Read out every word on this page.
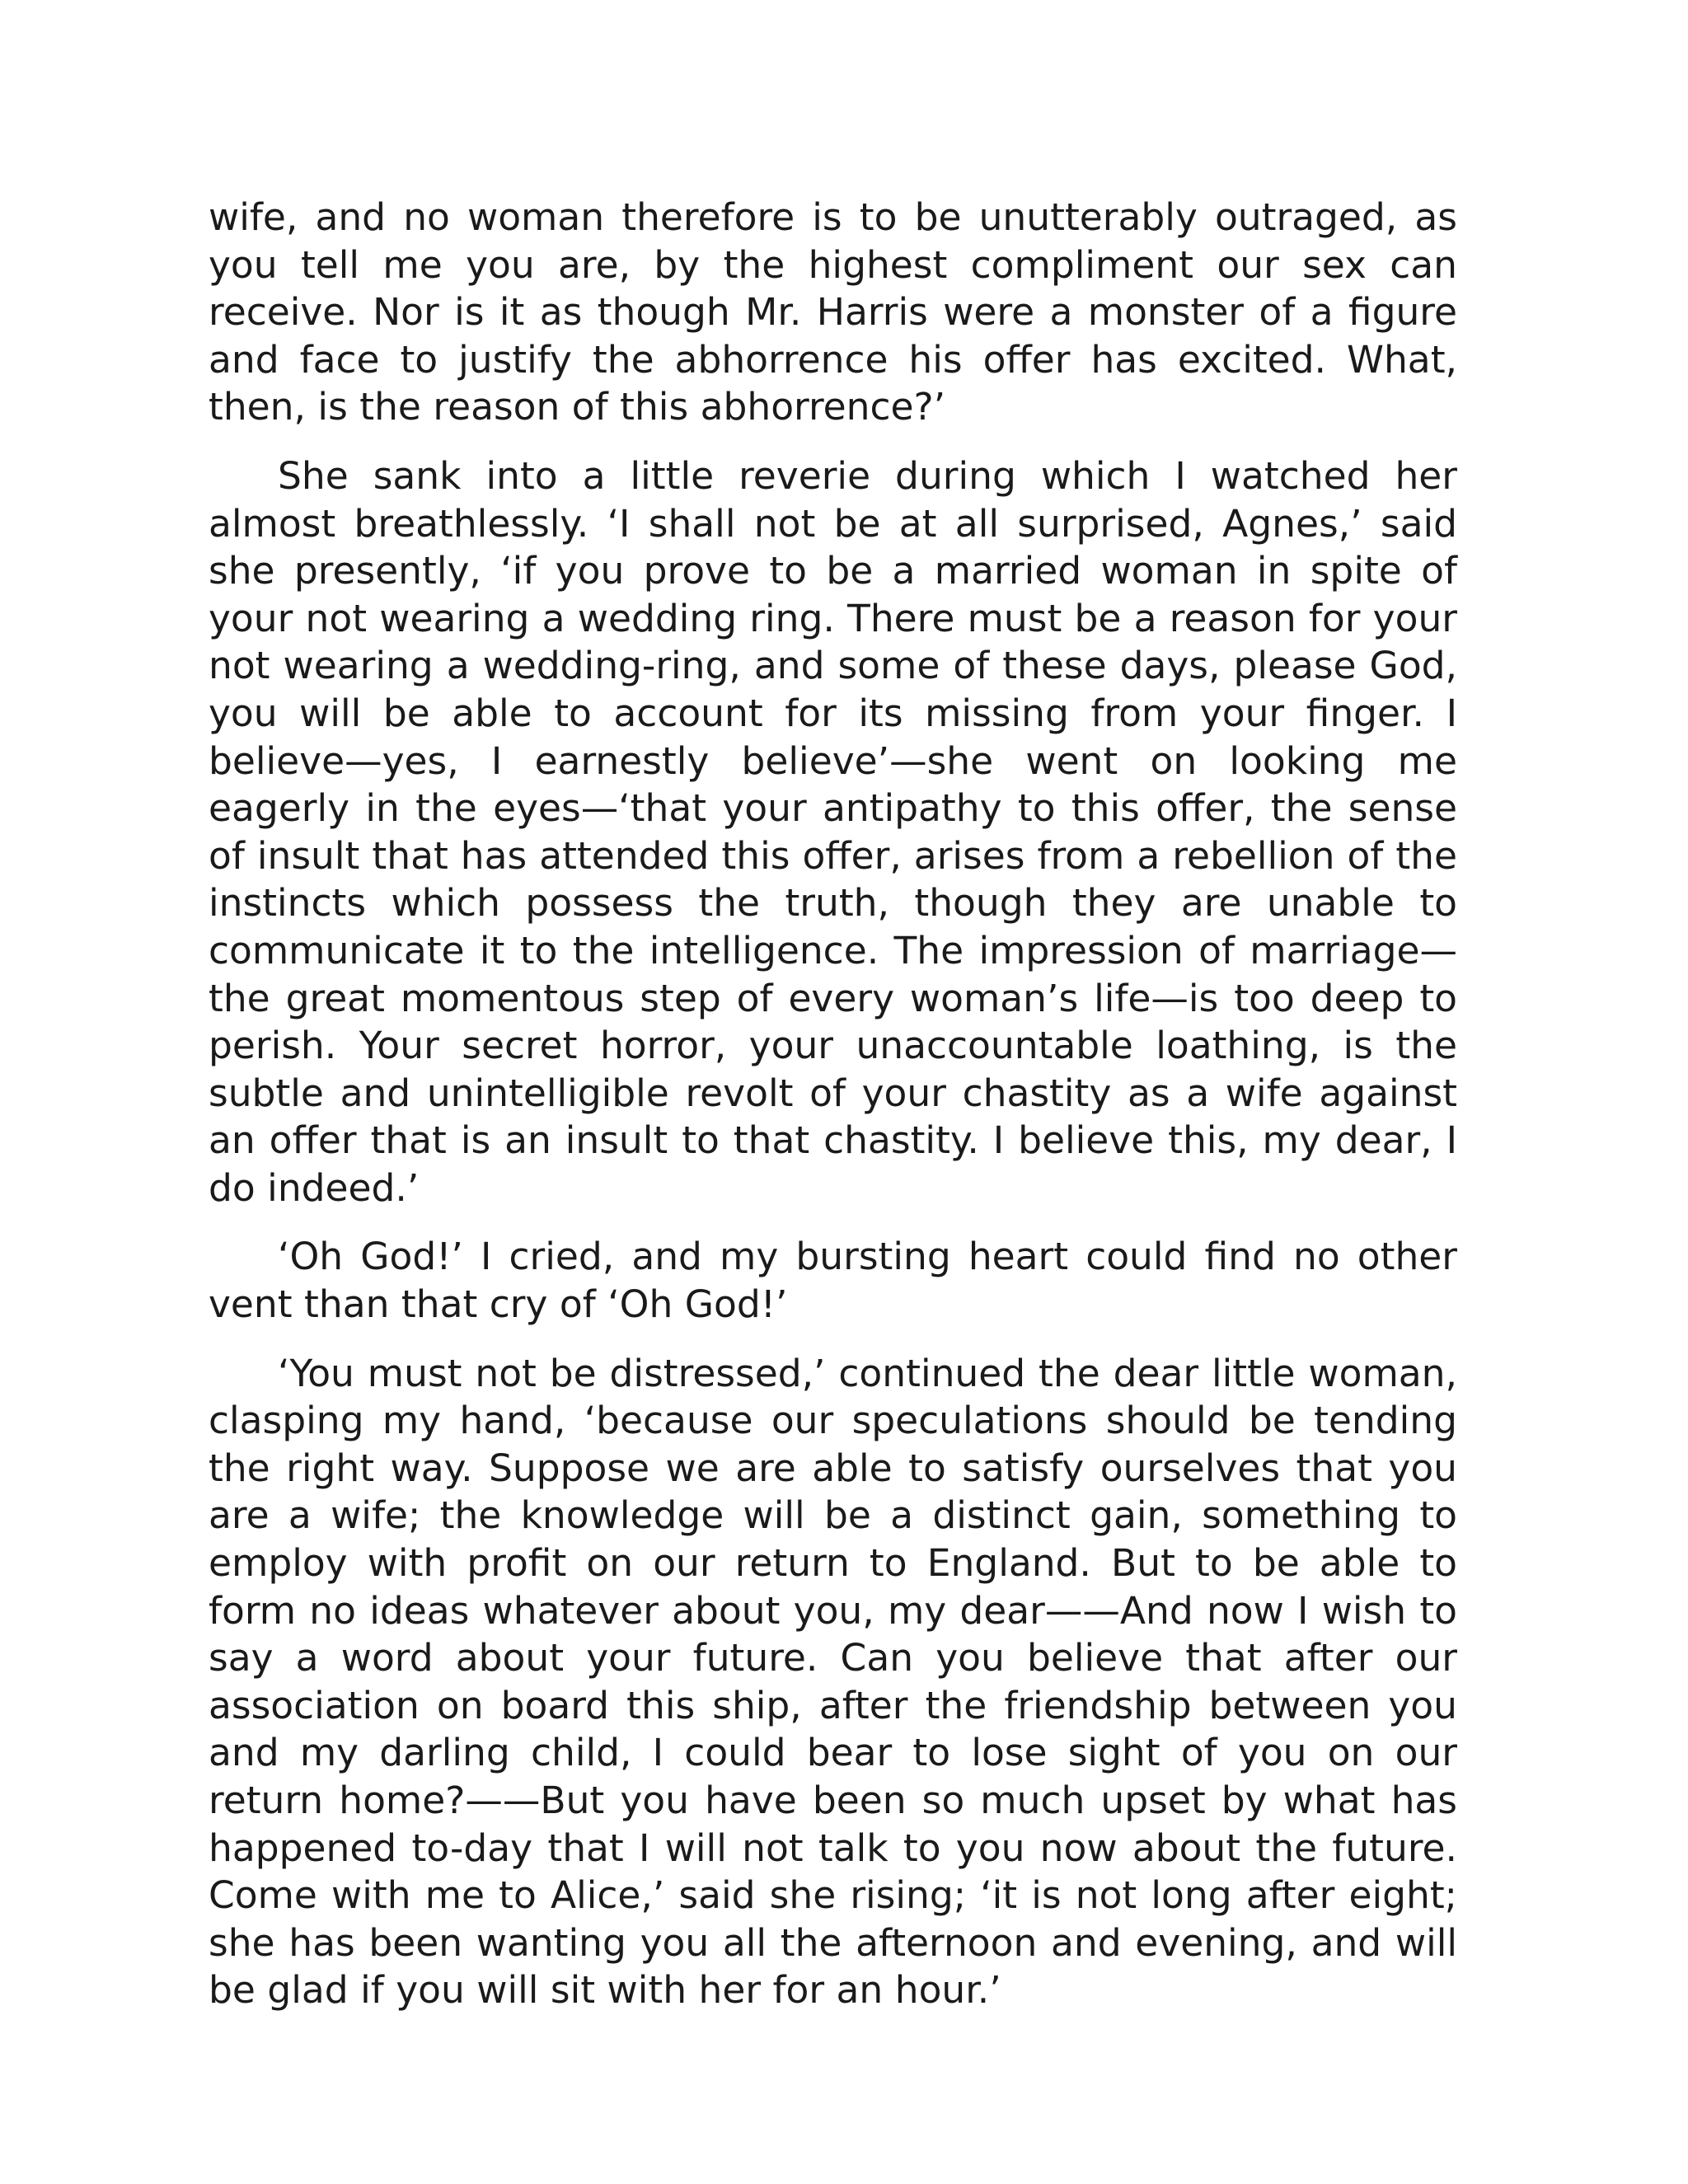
wife, and no woman therefore is to be unutterably outraged, as you tell me you are, by the highest compliment our sex can receive. Nor is it as though Mr. Harris were a monster of a figure and face to justify the abhorrence his offer has excited. What, then, is the reason of this abhorrence?’

She sank into a little reverie during which I watched her almost breathlessly. ‘I shall not be at all surprised, Agnes,’ said she presently, ‘if you prove to be a married woman in spite of your not wearing a wedding ring. There must be a reason for your not wearing a wedding-ring, and some of these days, please God, you will be able to account for its missing from your finger. I believe—yes, I earnestly believe’—she went on looking me eagerly in the eyes—‘that your antipathy to this offer, the sense of insult that has attended this offer, arises from a rebellion of the instincts which possess the truth, though they are unable to communicate it to the intelligence. The impression of marriage—the great momentous step of every woman’s life—is too deep to perish. Your secret horror, your unaccountable loathing, is the subtle and unintelligible revolt of your chastity as a wife against an offer that is an insult to that chastity. I believe this, my dear, I do indeed.’

‘Oh God!’ I cried, and my bursting heart could find no other vent than that cry of ‘Oh God!’

‘You must not be distressed,’ continued the dear little woman, clasping my hand, ‘because our speculations should be tending the right way. Suppose we are able to satisfy ourselves that you are a wife; the knowledge will be a distinct gain, something to employ with profit on our return to England. But to be able to form no ideas whatever about you, my dear——And now I wish to say a word about your future. Can you believe that after our association on board this ship, after the friendship between you and my darling child, I could bear to lose sight of you on our return home?——But you have been so much upset by what has happened to-day that I will not talk to you now about the future. Come with me to Alice,’ said she rising; ‘it is not long after eight; she has been wanting you all the afternoon and evening, and will be glad if you will sit with her for an hour.’
